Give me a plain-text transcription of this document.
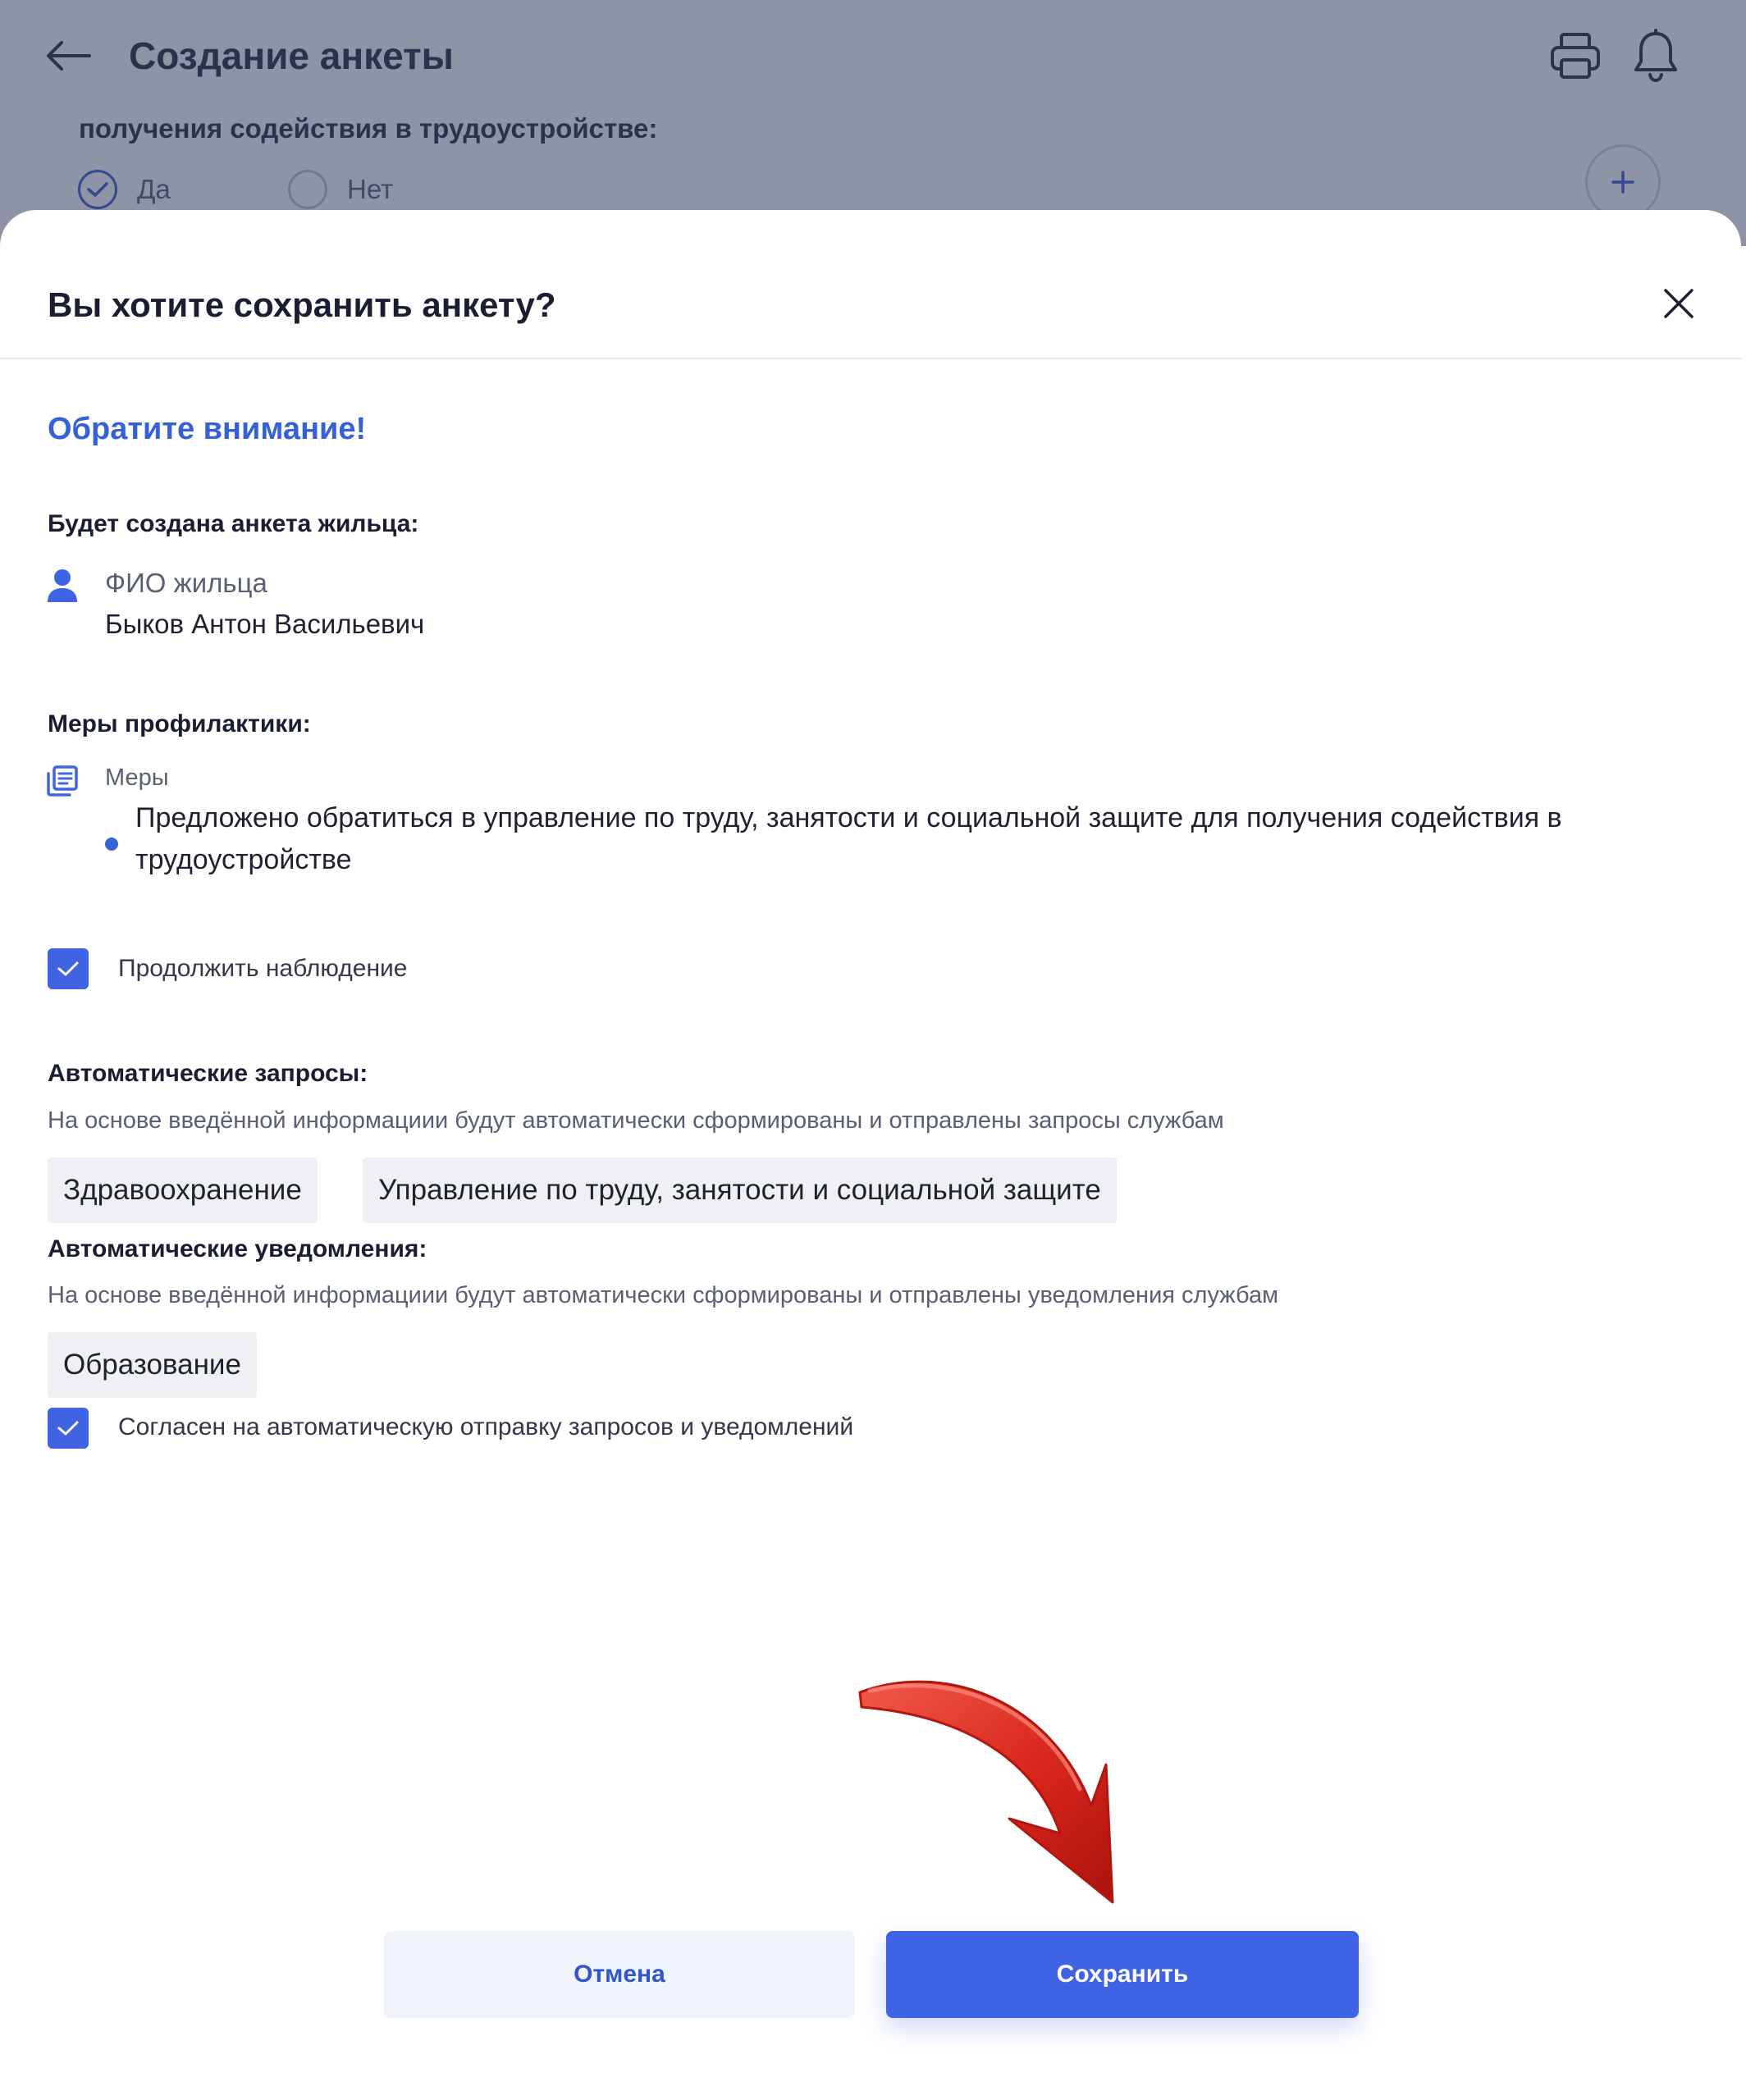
Вы хотите сохранить анкету?
Обратите внимание!
Будет создана анкета жильца:
ФИО жильца
Быков Антон Васильевич
Меры профилактики:
Меры
Предложено обратиться в управление по труду, занятости и социальной защите для получения содействия в трудоустройстве
Продолжить наблюдение
Автоматические запросы:
На основе введённой информациии будут автоматически сформированы и отправлены запросы службам
Здравоохранение	Управление по труду, занятости и социальной защите
Автоматические уведомления:
На основе введённой информациии будут автоматически сформированы и отправлены уведомления службам
Образование
Согласен на автоматическую отправку запросов и уведомлений
Отмена	Сохранить
